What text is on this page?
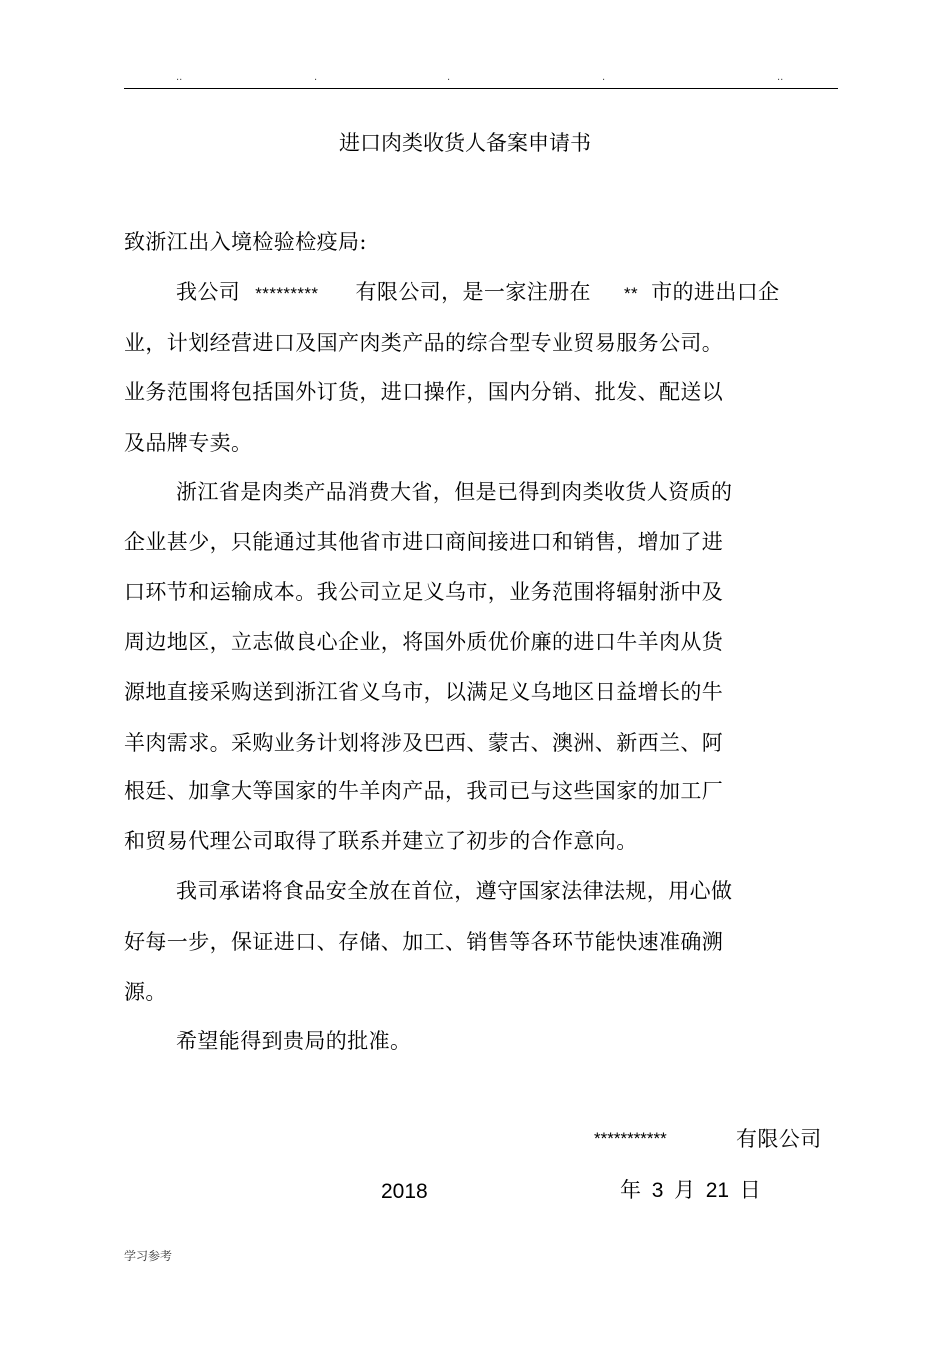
..	.	.	.	..
进口肉类收货人备案申请书
致浙江出入境检验检疫局:
我公司 ********* 有限公司，是一家注册在 ** 市的进出口企
业，计划经营进口及国产肉类产品的综合型专业贸易服务公司。
业务范围将包括国外订货，进口操作，国内分销、批发、配送以
及品牌专卖。
浙江省是肉类产品消费大省，但是已得到肉类收货人资质的
企业甚少，只能通过其他省市进口商间接进口和销售，增加了进
口环节和运输成本。我公司立足义乌市，业务范围将辐射浙中及
周边地区，立志做良心企业，将国外质优价廉的进口牛羊肉从货
源地直接采购送到浙江省义乌市，以满足义乌地区日益增长的牛
羊肉需求。采购业务计划将涉及巴西、蒙古、澳洲、新西兰、阿
根廷、加拿大等国家的牛羊肉产品，我司已与这些国家的加工厂
和贸易代理公司取得了联系并建立了初步的合作意向。
我司承诺将食品安全放在首位，遵守国家法律法规，用心做
好每一步，保证进口、存储、加工、销售等各环节能快速准确溯
源。
希望能得到贵局的批准。
***********	有限公司
2018	年 3 月 21 日
学习参考
